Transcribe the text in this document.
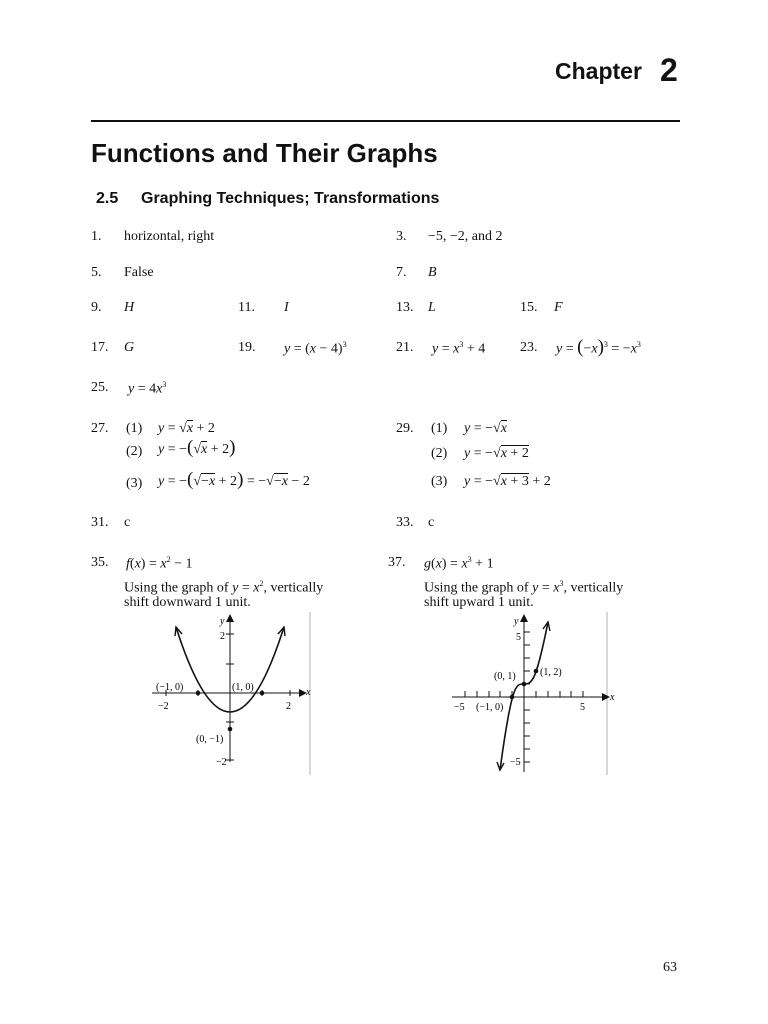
Chapter 2
Functions and Their Graphs
2.5 Graphing Techniques; Transformations
1. horizontal, right	3. −5, −2, and 2
5. False	7. B
9. H	11. I	13. L	15. F
17. G	19. $y = (x - 4)^3$	21. $y = x^3 + 4$ 23. $y = (-x)^3 = -x^3$
25. $y = 4x^3$
27. (1) y = √x + 2
(2) y = −(√x + 2)
(3) y = −(√−x + 2) = −√−x − 2
29. (1) y = −√x
(2) y = −√x + 2
(3) y = −√x + 3 + 2
31. c	33. c
35. $f(x) = x^2 - 1$
Using the graph of $y = x^2$, vertically
shift downward 1 unit.
37. $g(x) = x^3 + 1$
Using the graph of $y = x^3$, vertically
shift upward 1 unit.
x
y
2
−2
−2	2
(−1, 0)	(1, 0)
(0, −1)
x
y
5
−5
−5	5
(0, 1) (1, 2)
(−1, 0)
63
